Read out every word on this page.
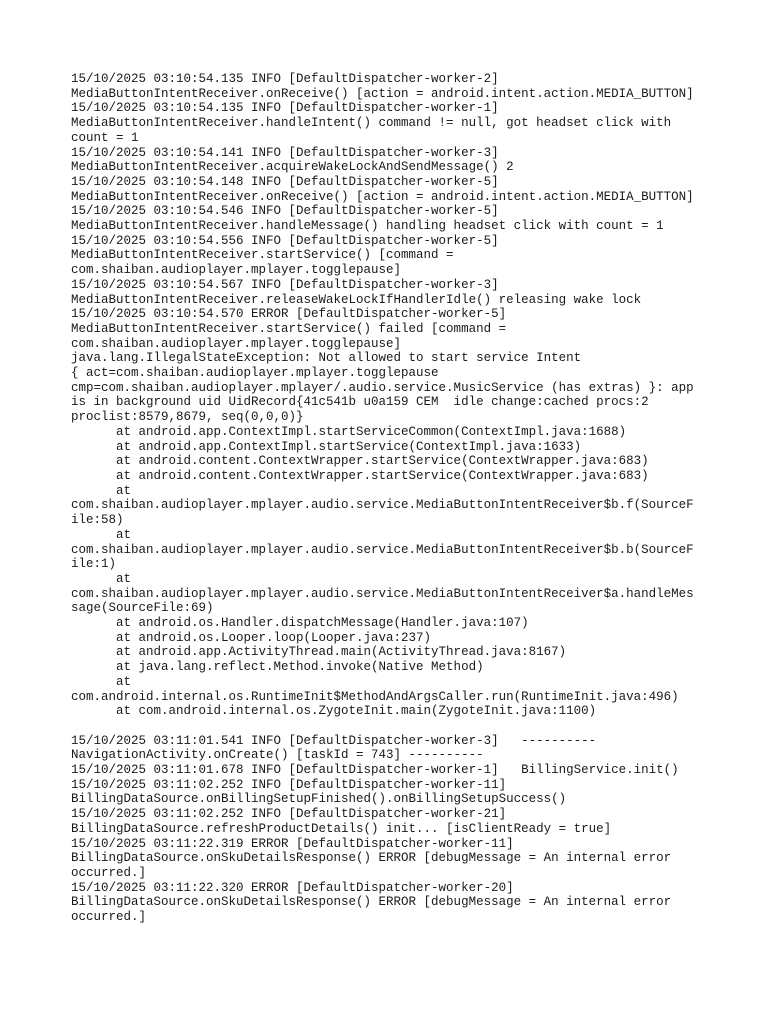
15/10/2025 03:10:54.135 INFO [DefaultDispatcher-worker-2]
MediaButtonIntentReceiver.onReceive() [action = android.intent.action.MEDIA_BUTTON]
15/10/2025 03:10:54.135 INFO [DefaultDispatcher-worker-1]
MediaButtonIntentReceiver.handleIntent() command != null, got headset click with
count = 1
15/10/2025 03:10:54.141 INFO [DefaultDispatcher-worker-3]
MediaButtonIntentReceiver.acquireWakeLockAndSendMessage() 2
15/10/2025 03:10:54.148 INFO [DefaultDispatcher-worker-5]
MediaButtonIntentReceiver.onReceive() [action = android.intent.action.MEDIA_BUTTON]
15/10/2025 03:10:54.546 INFO [DefaultDispatcher-worker-5]
MediaButtonIntentReceiver.handleMessage() handling headset click with count = 1
15/10/2025 03:10:54.556 INFO [DefaultDispatcher-worker-5]
MediaButtonIntentReceiver.startService() [command =
com.shaiban.audioplayer.mplayer.togglepause]
15/10/2025 03:10:54.567 INFO [DefaultDispatcher-worker-3]
MediaButtonIntentReceiver.releaseWakeLockIfHandlerIdle() releasing wake lock
15/10/2025 03:10:54.570 ERROR [DefaultDispatcher-worker-5]
MediaButtonIntentReceiver.startService() failed [command =
com.shaiban.audioplayer.mplayer.togglepause]
java.lang.IllegalStateException: Not allowed to start service Intent
{ act=com.shaiban.audioplayer.mplayer.togglepause
cmp=com.shaiban.audioplayer.mplayer/.audio.service.MusicService (has extras) }: app
is in background uid UidRecord{41c541b u0a159 CEM  idle change:cached procs:2
proclist:8579,8679, seq(0,0,0)}
at android.app.ContextImpl.startServiceCommon(ContextImpl.java:1688)
at android.app.ContextImpl.startService(ContextImpl.java:1633)
at android.content.ContextWrapper.startService(ContextWrapper.java:683)
at android.content.ContextWrapper.startService(ContextWrapper.java:683)
at
com.shaiban.audioplayer.mplayer.audio.service.MediaButtonIntentReceiver$b.f(SourceF
ile:58)
at
com.shaiban.audioplayer.mplayer.audio.service.MediaButtonIntentReceiver$b.b(SourceF
ile:1)
at
com.shaiban.audioplayer.mplayer.audio.service.MediaButtonIntentReceiver$a.handleMes
sage(SourceFile:69)
at android.os.Handler.dispatchMessage(Handler.java:107)
at android.os.Looper.loop(Looper.java:237)
at android.app.ActivityThread.main(ActivityThread.java:8167)
at java.lang.reflect.Method.invoke(Native Method)
at
com.android.internal.os.RuntimeInit$MethodAndArgsCaller.run(RuntimeInit.java:496)
at com.android.internal.os.ZygoteInit.main(ZygoteInit.java:1100)
15/10/2025 03:11:01.541 INFO [DefaultDispatcher-worker-3]   ----------
NavigationActivity.onCreate() [taskId = 743] ----------
15/10/2025 03:11:01.678 INFO [DefaultDispatcher-worker-1]   BillingService.init()
15/10/2025 03:11:02.252 INFO [DefaultDispatcher-worker-11]
BillingDataSource.onBillingSetupFinished().onBillingSetupSuccess()
15/10/2025 03:11:02.252 INFO [DefaultDispatcher-worker-21]
BillingDataSource.refreshProductDetails() init... [isClientReady = true]
15/10/2025 03:11:22.319 ERROR [DefaultDispatcher-worker-11]
BillingDataSource.onSkuDetailsResponse() ERROR [debugMessage = An internal error
occurred.]
15/10/2025 03:11:22.320 ERROR [DefaultDispatcher-worker-20]
BillingDataSource.onSkuDetailsResponse() ERROR [debugMessage = An internal error
occurred.]
